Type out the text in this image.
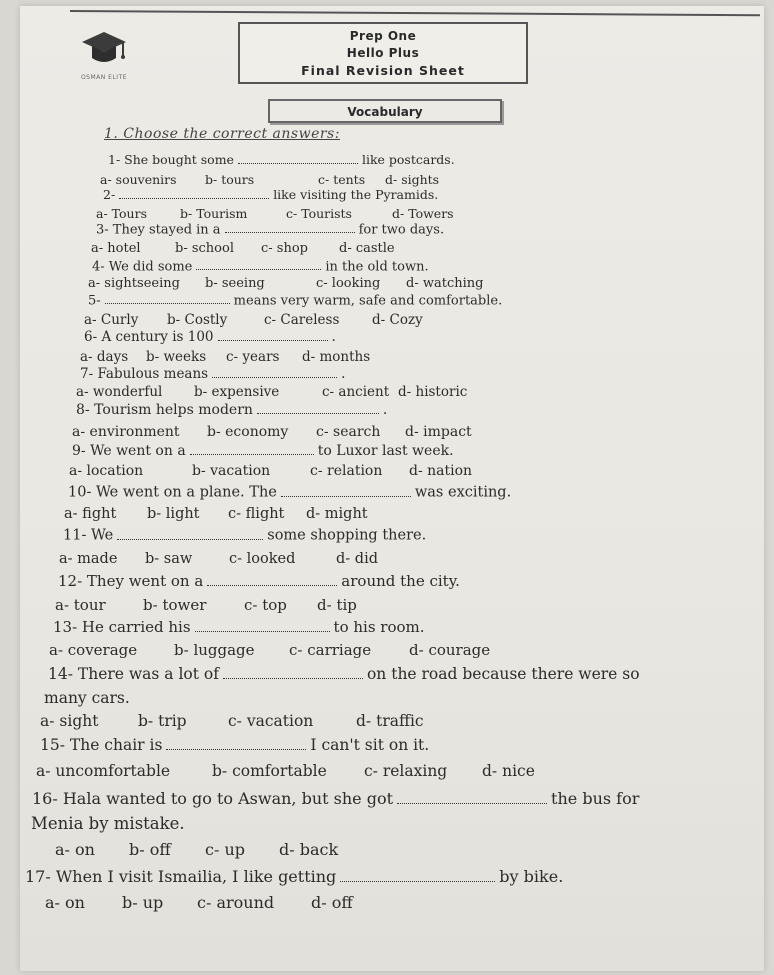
OSMAN ELITE
Prep One
Hello Plus
Final Revision Sheet
Vocabulary
1. Choose the correct answers:
1- She bought some	like postcards.
a- souvenirs b- tours	c- tents d- sights
2-	like visiting the Pyramids.
a- Tours	b- Tourism	c- Tourists	d- Towers
3- They stayed in a	for two days.
a- hotel	b- school c- shop d- castle
4- We did some	in the old town.
a- sightseeing b- seeing	c- looking d- watching
5-	means very warm, safe and comfortable.
a- Curly b- Costly	c- Careless d- Cozy
6- A century is 100	.
a- days b- weeks c- years d- months
7- Fabulous means	.
a- wonderful b- expensive	c- ancient d- historic
8- Tourism helps modern	.
a- environment b- economy c- search d- impact
9- We went on a	to Luxor last week.
a- location	b- vacation	c- relation d- nation
10- We went on a plane. The	was exciting.
a- fight b- light c- flight d- might
11- We	some shopping there.
a- made b- saw	c- looked	d- did
12- They went on a	around the city.
a- tour b- tower	c- top d- tip
13- He carried his	to his room.
a- coverage b- luggage c- carriage	d- courage
14- There was a lot of	on the road because there were so
many cars.
a- sight	b- trip	c- vacation	d- traffic
15- The chair is	I can't sit on it.
a- uncomfortable	b- comfortable c- relaxing d- nice
16- Hala wanted to go to Aswan, but she got	the bus for
Menia by mistake.
a- on b- off c- up d- back
17- When I visit Ismailia, I like getting	by bike.
a- on b- up c- around d- off
